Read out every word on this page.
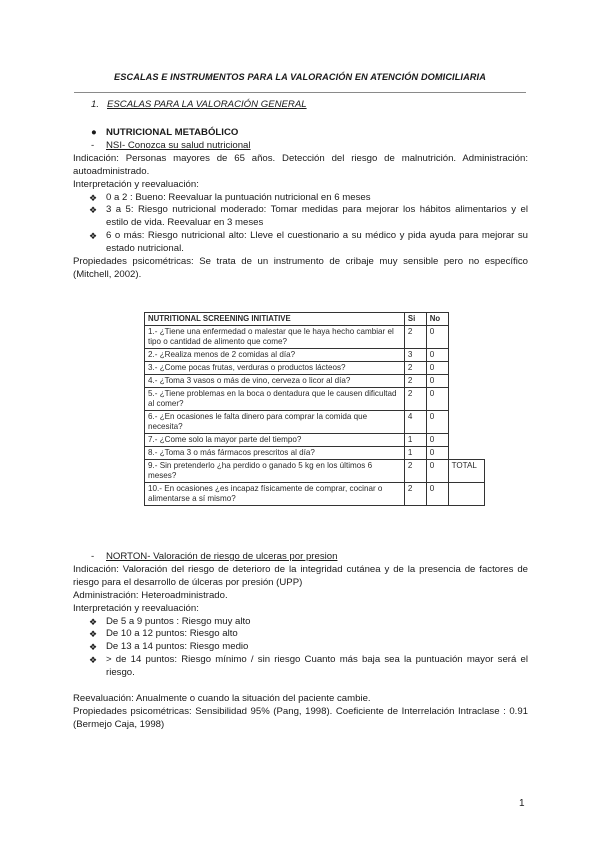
ESCALAS E INSTRUMENTOS PARA LA VALORACIÓN EN ATENCIÓN DOMICILIARIA
1. ESCALAS PARA LA VALORACIÓN GENERAL
● NUTRICIONAL METABÓLICO
- NSI- Conozca su salud nutricional

Indicación: Personas mayores de 65 años. Detección del riesgo de malnutrición. Administración: autoadministrado.

Interpretación y reevaluación:

❖ 0 a 2 : Bueno: Reevaluar la puntuación nutricional en 6 meses
❖ 3 a 5: Riesgo nutricional moderado: Tomar medidas para mejorar los hábitos alimentarios y el estilo de vida. Reevaluar en 3 meses
❖ 6 o más: Riesgo nutricional alto: Lleve el cuestionario a su médico y pida ayuda para mejorar su estado nutricional.

Propiedades psicométricas: Se trata de un instrumento de cribaje muy sensible pero no específico (Mitchell, 2002).

NUTRITIONAL SCREENING INITIATIVE	Si	No	
1.- ¿Tiene una enfermedad o malestar que le haya hecho cambiar el tipo o cantidad de alimento que come?	2	0	
2.- ¿Realiza menos de 2 comidas al día?	3	0	
3.- ¿Come pocas frutas, verduras o productos lácteos?	2	0	
4.- ¿Toma 3 vasos o más de vino, cerveza o licor al día?	2	0	
5.- ¿Tiene problemas en la boca o dentadura que le causen dificultad al comer?	2	0	
6.- ¿En ocasiones le falta dinero para comprar la comida que necesita?	4	0	
7.- ¿Come solo la mayor parte del tiempo?	1	0	
8.- ¿Toma 3 o más fármacos prescritos al día?	1	0	
9.- Sin pretenderlo ¿ha perdido o ganado 5 kg en los últimos 6 meses?	2	0	TOTAL
10.- En ocasiones ¿es incapaz físicamente de comprar, cocinar o alimentarse a sí mismo?	2	0	
- NORTON- Valoración de riesgo de ulceras por presion

Indicación: Valoración del riesgo de deterioro de la integridad cutánea y de la presencia de factores de riesgo para el desarrollo de úlceras por presión (UPP)

Administración: Heteroadministrado.

Interpretación y reevaluación:

❖ De 5 a 9 puntos : Riesgo muy alto
❖ De 10 a 12 puntos: Riesgo alto
❖ De 13 a 14 puntos: Riesgo medio
❖ > de 14 puntos: Riesgo mínimo / sin riesgo Cuanto más baja sea la puntuación mayor será el riesgo.

Reevaluación: Anualmente o cuando la situación del paciente cambie.

Propiedades psicométricas: Sensibilidad 95% (Pang, 1998). Coeficiente de Interrelación Intraclase : 0.91 (Bermejo Caja, 1998)

1
